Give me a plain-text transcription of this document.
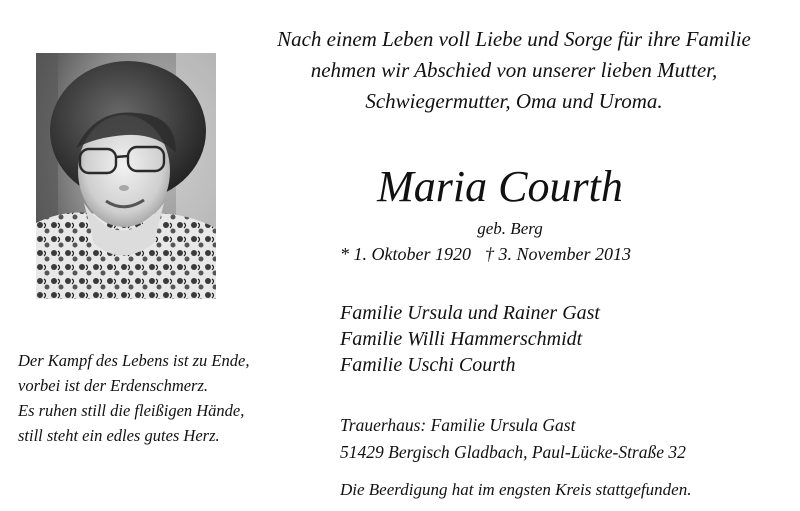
Nach einem Leben voll Liebe und Sorge für ihre Familie
nehmen wir Abschied von unserer lieben Mutter,
Schwiegermutter, Oma und Uroma.
Maria Courth
geb. Berg
* 1. Oktober 1920 † 3. November 2013
Der Kampf des Lebens ist zu Ende,
vorbei ist der Erdenschmerz.
Es ruhen still die fleißigen Hände,
still steht ein edles gutes Herz.
Familie Ursula und Rainer Gast
Familie Willi Hammerschmidt
Familie Uschi Courth
Trauerhaus: Familie Ursula Gast
51429 Bergisch Gladbach, Paul-Lücke-Straße 32
Die Beerdigung hat im engsten Kreis stattgefunden.
